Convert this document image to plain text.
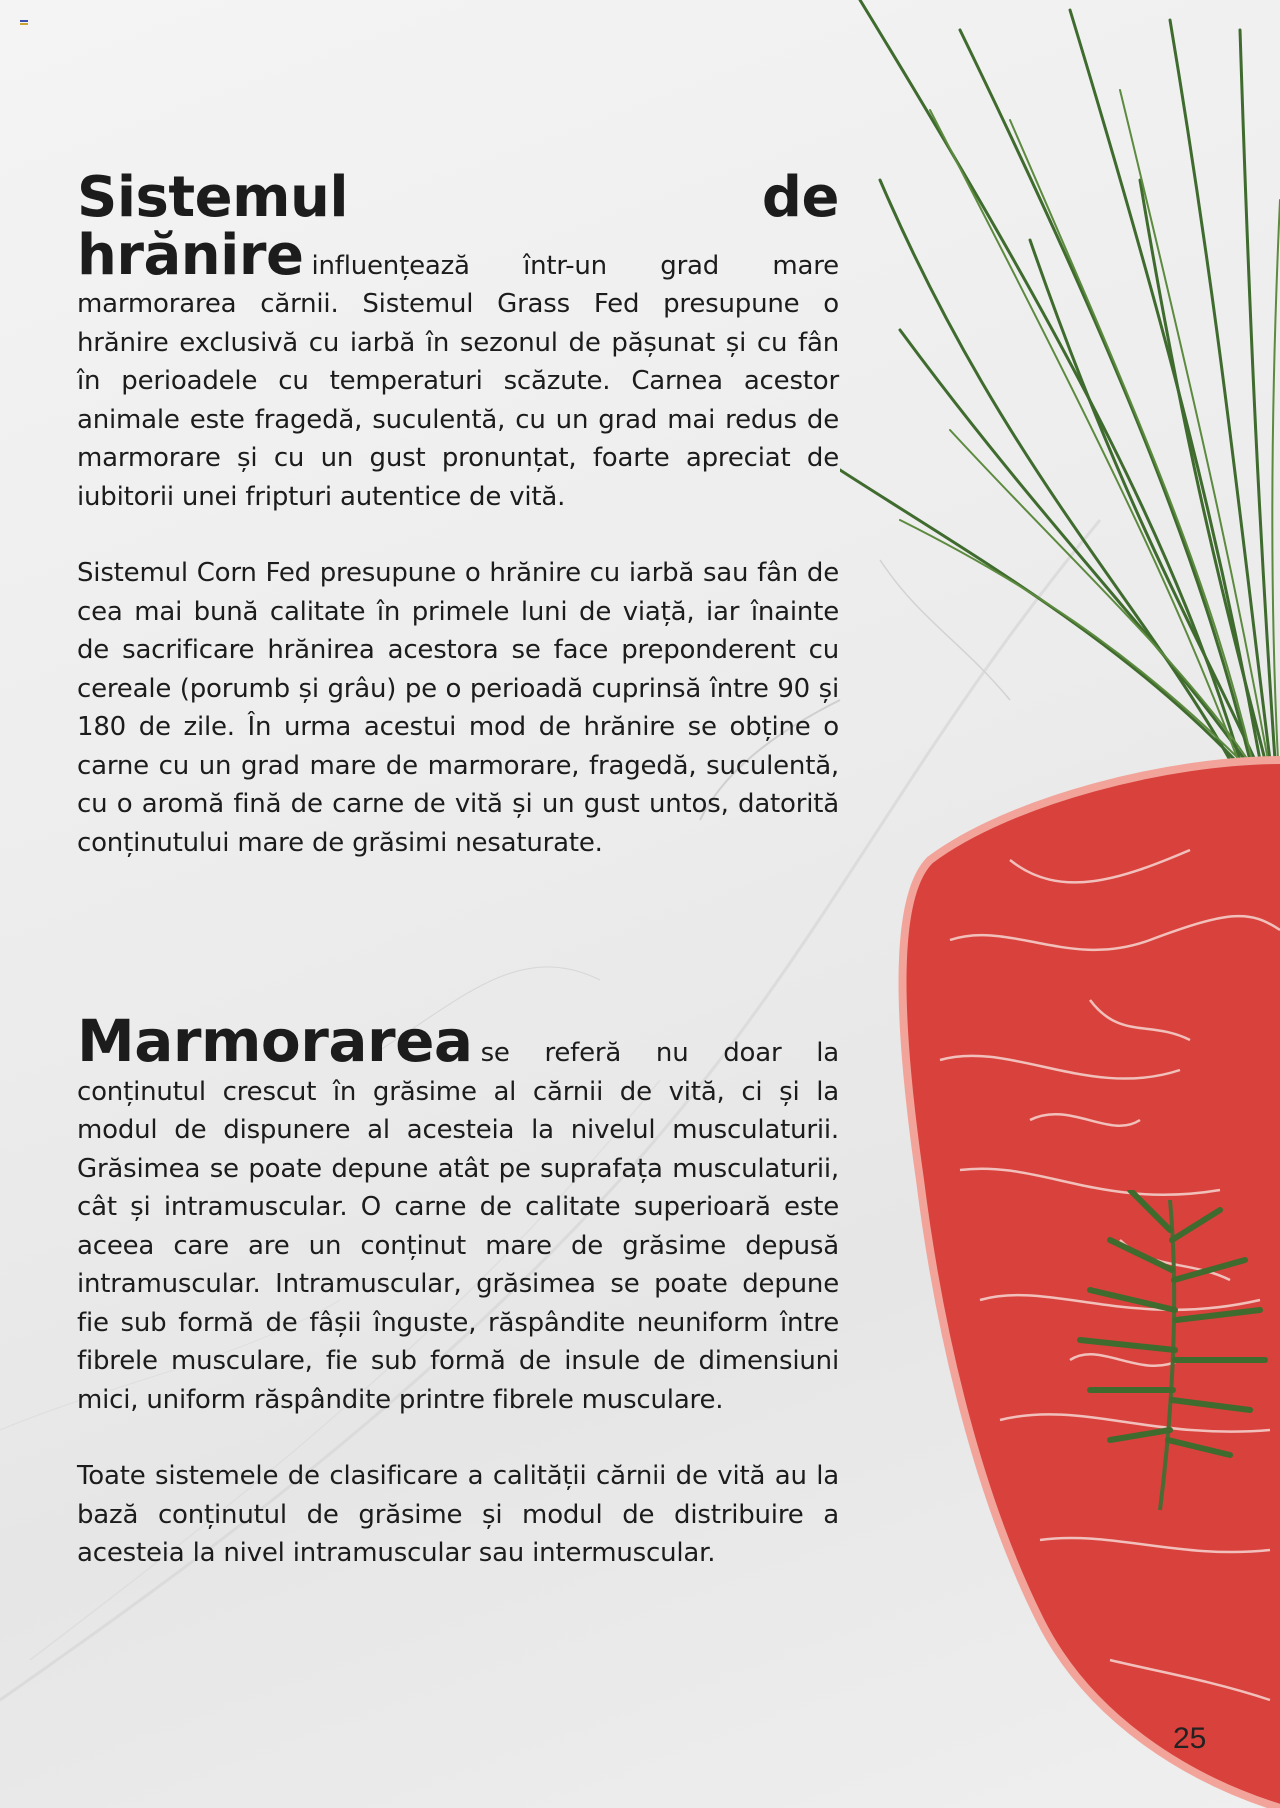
Sistemul de hrănire influențează într-un grad mare marmorarea cărnii. Sistemul Grass Fed presupune o hrănire exclusivă cu iarbă în sezonul de pășunat și cu fân în perioadele cu temperaturi scăzute. Carnea acestor animale este fragedă, suculentă, cu un grad mai redus de marmorare și cu un gust pronunțat, foarte apreciat de iubitorii unei fripturi autentice de vită.

Sistemul Corn Fed presupune o hrănire cu iarbă sau fân de cea mai bună calitate în primele luni de viață, iar înainte de sacrificare hrănirea acestora se face preponderent cu cereale (porumb și grâu) pe o perioadă cuprinsă între 90 și 180 de zile. În urma acestui mod de hrănire se obține o carne cu un grad mare de marmorare, fragedă, suculentă, cu o aromă fină de carne de vită și un gust untos, datorită conținutului mare de grăsimi nesaturate.

Marmorarea se referă nu doar la conținutul crescut în grăsime al cărnii de vită, ci și la modul de dispunere al acesteia la nivelul musculaturii. Grăsimea se poate depune atât pe suprafața musculaturii, cât și intramuscular. O carne de calitate superioară este aceea care are un conținut mare de grăsime depusă intramuscular. Intramuscular, grăsimea se poate depune fie sub formă de fâșii înguste, răspândite neuniform între fibrele musculare, fie sub formă de insule de dimensiuni mici, uniform răspândite printre fibrele musculare.

Toate sistemele de clasificare a calității cărnii de vită au la bază conținutul de grăsime și modul de distribuire a acesteia la nivel intramuscular sau intermuscular.

25
